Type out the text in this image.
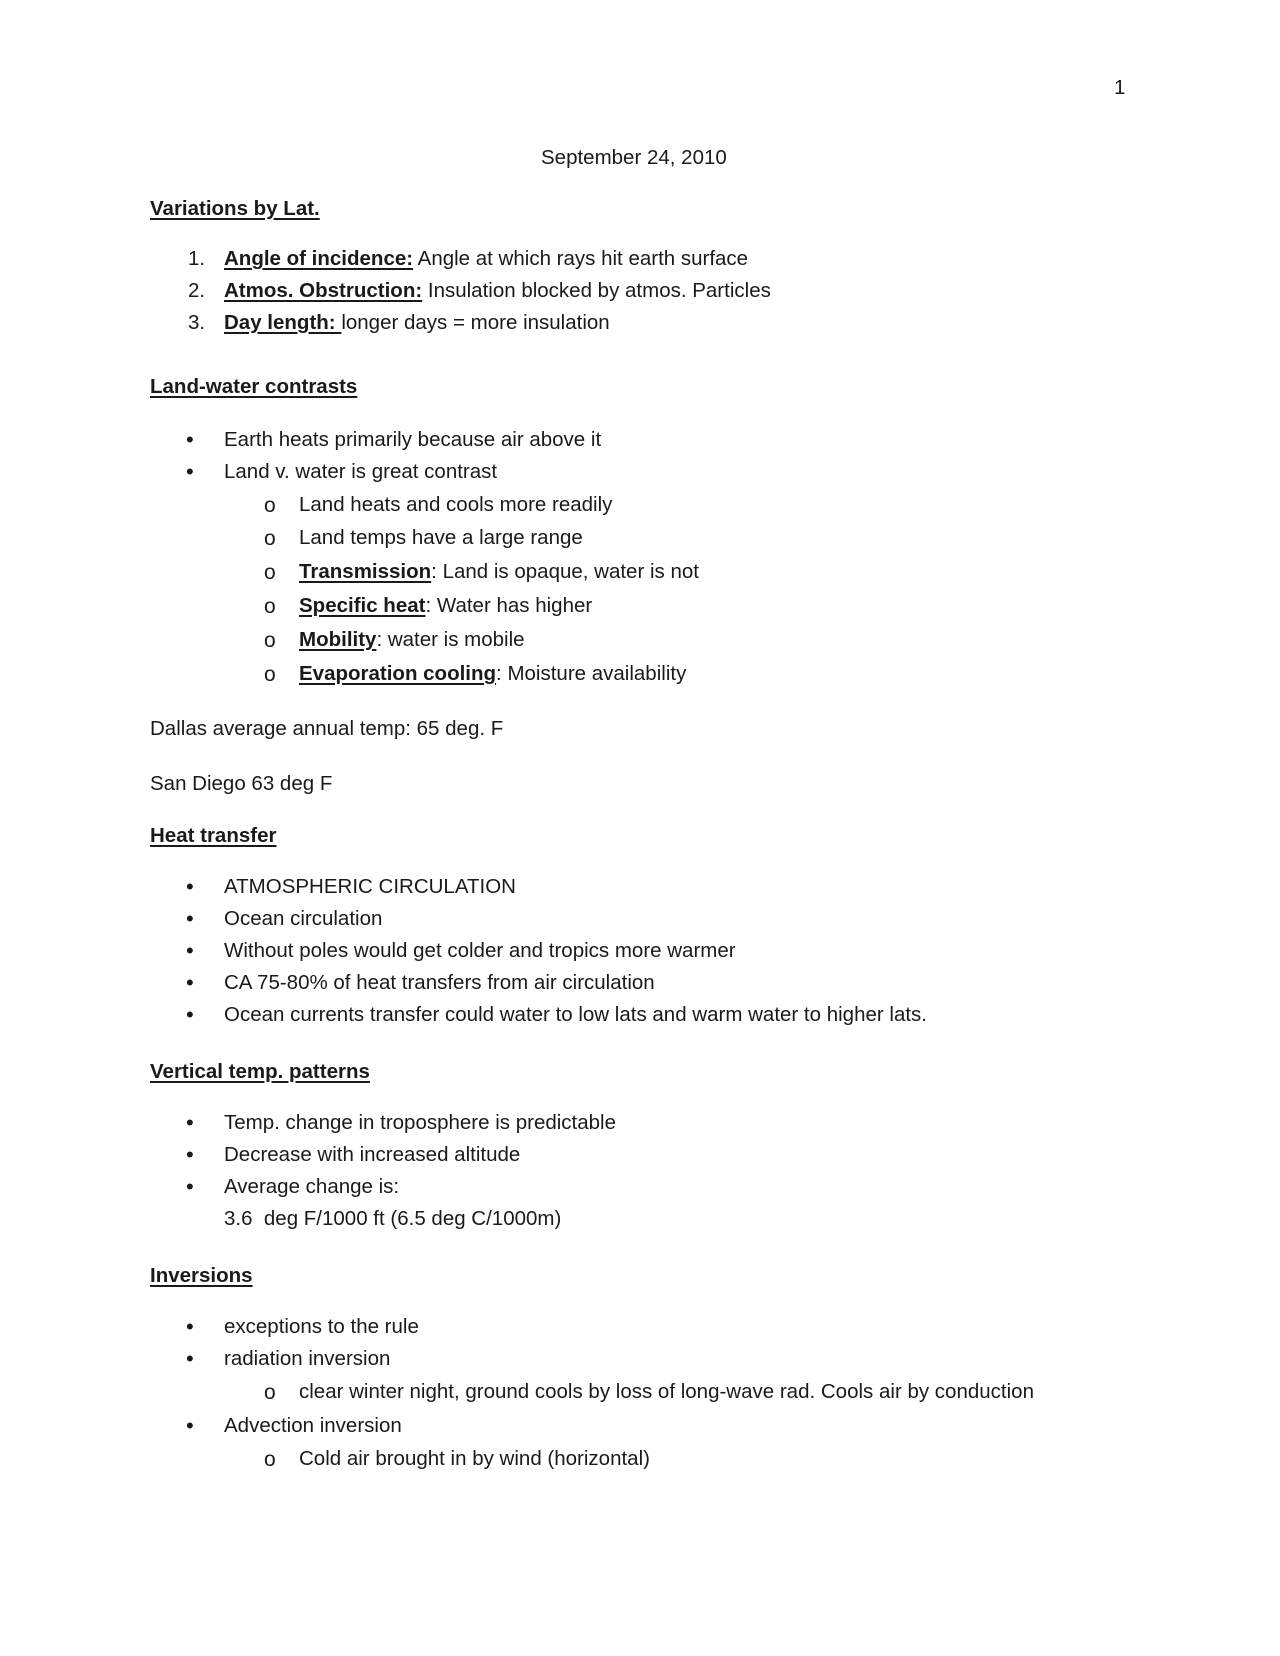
1
September 24, 2010
Variations by Lat.
1. Angle of incidence: Angle at which rays hit earth surface
2. Atmos. Obstruction: Insulation blocked by atmos. Particles
3. Day length: longer days = more insulation
Land-water contrasts
• Earth heats primarily because air above it
• Land v. water is great contrast
o Land heats and cools more readily
o Land temps have a large range
o Transmission: Land is opaque, water is not
o Specific heat: Water has higher
o Mobility: water is mobile
o Evaporation cooling: Moisture availability
Dallas average annual temp: 65 deg. F
San Diego 63 deg F
Heat transfer
• ATMOSPHERIC CIRCULATION
• Ocean circulation
• Without poles would get colder and tropics more warmer
• CA 75-80% of heat transfers from air circulation
• Ocean currents transfer could water to low lats and warm water to higher lats.
Vertical temp. patterns
• Temp. change in troposphere is predictable
• Decrease with increased altitude
• Average change is:
3.6  deg F/1000 ft (6.5 deg C/1000m)
Inversions
• exceptions to the rule
• radiation inversion
o clear winter night, ground cools by loss of long-wave rad. Cools air by conduction
• Advection inversion
o Cold air brought in by wind (horizontal)
